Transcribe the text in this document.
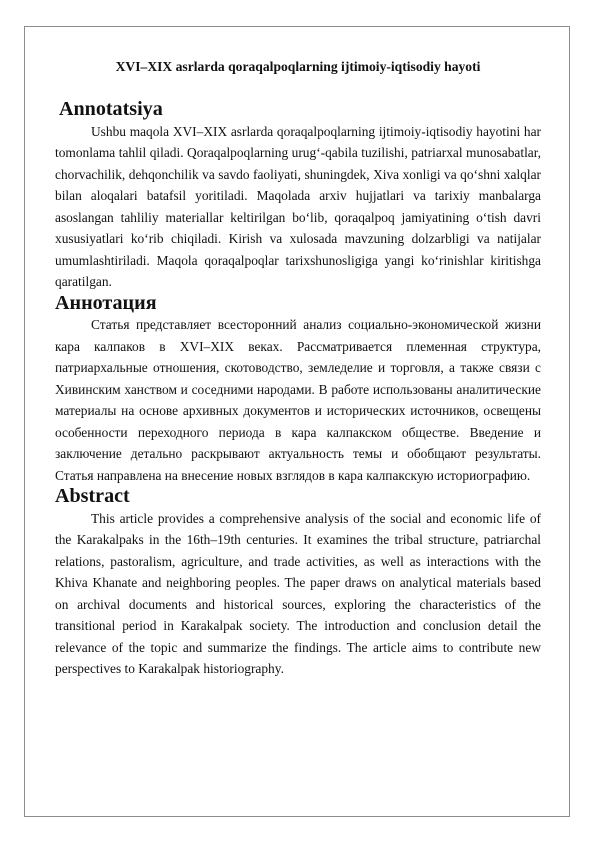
XVI–XIX asrlarda qoraqalpoqlarning ijtimoiy-iqtisodiy hayoti
Annotatsiya

Ushbu maqola XVI–XIX asrlarda qoraqalpoqlarning ijtimoiy-iqtisodiy hayotini har tomonlama tahlil qiladi. Qoraqalpoqlarning urug‘-qabila tuzilishi, patriarxal munosabatlar, chorvachilik, dehqonchilik va savdo faoliyati, shuningdek, Xiva xonligi va qo‘shni xalqlar bilan aloqalari batafsil yoritiladi. Maqolada arxiv hujjatlari va tarixiy manbalarga asoslangan tahliliy materiallar keltirilgan bo‘lib, qoraqalpoq jamiyatining o‘tish davri xususiyatlari ko‘rib chiqiladi. Kirish va xulosada mavzuning dolzarbligi va natijalar umumlashtiriladi. Maqola qoraqalpoqlar tarixshunosligiga yangi ko‘rinishlar kiritishga qaratilgan.

Аннотация

Статья представляет всесторонний анализ социально-экономической жизни кара калпаков в XVI–XIX веках. Рассматривается племенная структура, патриархальные отношения, скотоводство, земледелие и торговля, а также связи с Хивинским ханством и соседними народами. В работе использованы аналитические материалы на основе архивных документов и исторических источников, освещены особенности переходного периода в кара калпакском обществе. Введение и заключение детально раскрывают актуальность темы и обобщают результаты. Статья направлена на внесение новых взглядов в кара калпакскую историографию.

Abstract

This article provides a comprehensive analysis of the social and economic life of the Karakalpaks in the 16th–19th centuries. It examines the tribal structure, patriarchal relations, pastoralism, agriculture, and trade activities, as well as interactions with the Khiva Khanate and neighboring peoples. The paper draws on analytical materials based on archival documents and historical sources, exploring the characteristics of the transitional period in Karakalpak society. The introduction and conclusion detail the relevance of the topic and summarize the findings. The article aims to contribute new perspectives to Karakalpak historiography.
